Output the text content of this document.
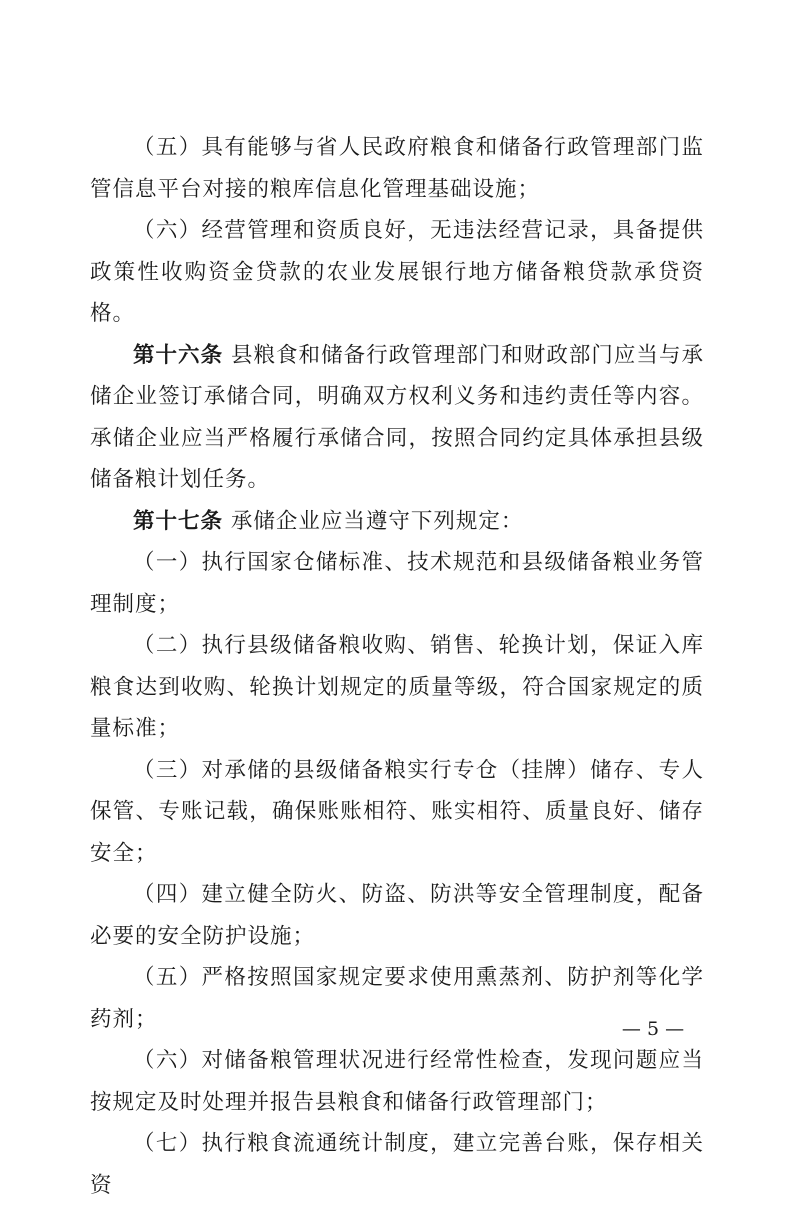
（五）具有能够与省人民政府粮食和储备行政管理部门监管信息平台对接的粮库信息化管理基础设施；

（六）经营管理和资质良好，无违法经营记录，具备提供政策性收购资金贷款的农业发展银行地方储备粮贷款承贷资格。

第十六条 县粮食和储备行政管理部门和财政部门应当与承储企业签订承储合同，明确双方权利义务和违约责任等内容。承储企业应当严格履行承储合同，按照合同约定具体承担县级储备粮计划任务。

第十七条 承储企业应当遵守下列规定：

（一）执行国家仓储标准、技术规范和县级储备粮业务管理制度；

（二）执行县级储备粮收购、销售、轮换计划，保证入库粮食达到收购、轮换计划规定的质量等级，符合国家规定的质量标准；

（三）对承储的县级储备粮实行专仓（挂牌）储存、专人保管、专账记载，确保账账相符、账实相符、质量良好、储存安全；

（四）建立健全防火、防盗、防洪等安全管理制度，配备必要的安全防护设施；

（五）严格按照国家规定要求使用熏蒸剂、防护剂等化学药剂；

（六）对储备粮管理状况进行经常性检查，发现问题应当按规定及时处理并报告县粮食和储备行政管理部门；

（七）执行粮食流通统计制度，建立完善台账，保存相关资

— 5 —
